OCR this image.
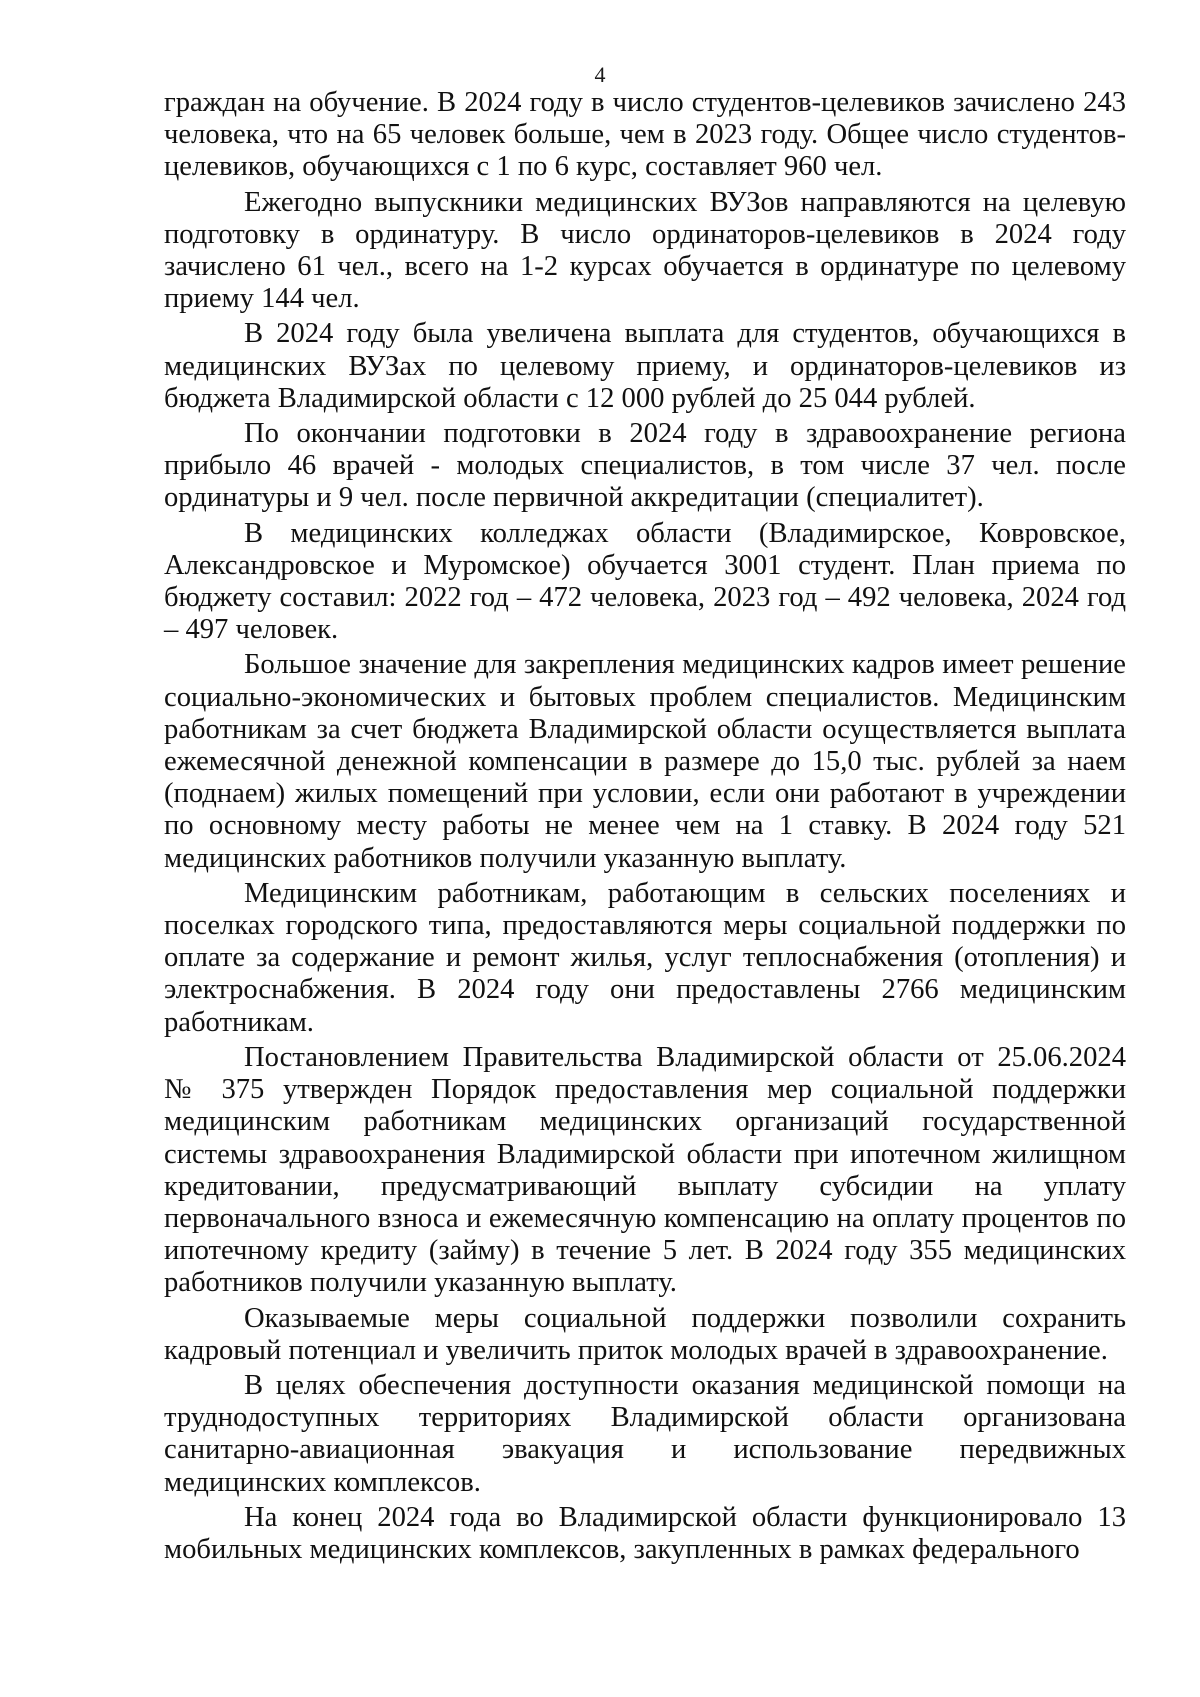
4

граждан на обучение. В 2024 году в число студентов-целевиков зачислено 243 человека, что на 65 человек больше, чем в 2023 году. Общее число студентов-целевиков, обучающихся с 1 по 6 курс, составляет 960 чел.

Ежегодно выпускники медицинских ВУЗов направляются на целевую подготовку в ординатуру. В число ординаторов-целевиков в 2024 году зачислено 61 чел., всего на 1-2 курсах обучается в ординатуре по целевому приему 144 чел.

В 2024 году была увеличена выплата для студентов, обучающихся в медицинских ВУЗах по целевому приему, и ординаторов-целевиков из бюджета Владимирской области с 12 000 рублей до 25 044 рублей.

По окончании подготовки в 2024 году в здравоохранение региона прибыло 46 врачей - молодых специалистов, в том числе 37 чел. после ординатуры и 9 чел. после первичной аккредитации (специалитет).

В медицинских колледжах области (Владимирское, Ковровское, Александровское и Муромское) обучается 3001 студент. План приема по бюджету составил: 2022 год – 472 человека, 2023 год – 492 человека, 2024 год – 497 человек.

Большое значение для закрепления медицинских кадров имеет решение социально-экономических и бытовых проблем специалистов. Медицинским работникам за счет бюджета Владимирской области осуществляется выплата ежемесячной денежной компенсации в размере до 15,0 тыс. рублей за наем (поднаем) жилых помещений при условии, если они работают в учреждении по основному месту работы не менее чем на 1 ставку. В 2024 году 521 медицинских работников получили указанную выплату.

Медицинским работникам, работающим в сельских поселениях и поселках городского типа, предоставляются меры социальной поддержки по оплате за содержание и ремонт жилья, услуг теплоснабжения (отопления) и электроснабжения. В 2024 году они предоставлены 2766 медицинским работникам.

Постановлением Правительства Владимирской области от 25.06.2024 № 375 утвержден Порядок предоставления мер социальной поддержки медицинским работникам медицинских организаций государственной системы здравоохранения Владимирской области при ипотечном жилищном кредитовании, предусматривающий выплату субсидии на уплату первоначального взноса и ежемесячную компенсацию на оплату процентов по ипотечному кредиту (займу) в течение 5 лет. В 2024 году 355 медицинских работников получили указанную выплату.

Оказываемые меры социальной поддержки позволили сохранить кадровый потенциал и увеличить приток молодых врачей в здравоохранение.

В целях обеспечения доступности оказания медицинской помощи на труднодоступных территориях Владимирской области организована санитарно-авиационная эвакуация и использование передвижных медицинских комплексов.

На конец 2024 года во Владимирской области функционировало 13 мобильных медицинских комплексов, закупленных в рамках федерального
